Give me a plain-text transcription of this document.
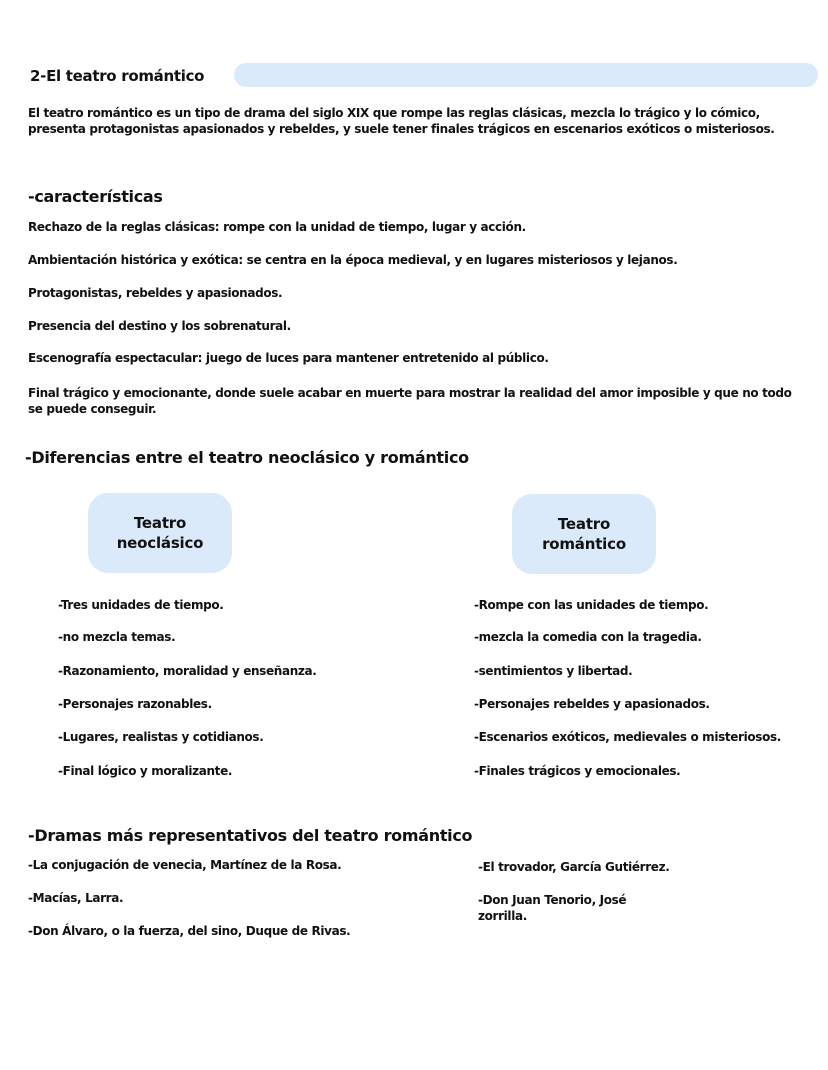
2-El teatro romántico
El teatro romántico es un tipo de drama del siglo XIX que rompe las reglas clásicas, mezcla lo trágico y lo cómico, presenta protagonistas apasionados y rebeldes, y suele tener finales trágicos en escenarios exóticos o misteriosos.
-características
Rechazo de la reglas clásicas: rompe con la unidad de tiempo, lugar y acción.
Ambientación histórica y exótica: se centra en la época medieval, y en lugares misteriosos y lejanos.
Protagonistas, rebeldes y apasionados.
Presencia del destino y los sobrenatural.
Escenografía espectacular: juego de luces para mantener entretenido al público.
Final trágico y emocionante, donde suele acabar en muerte para mostrar la realidad del amor imposible y que no todo se puede conseguir.
-Diferencias entre el teatro neoclásico y romántico
Teatro
neoclásico
Teatro
romántico
-Tres unidades de tiempo.
-no mezcla temas.
-Razonamiento, moralidad y enseñanza.
-Personajes razonables.
-Lugares, realistas y cotidianos.
-Final lógico y moralizante.
-Rompe con las unidades de tiempo.
-mezcla la comedia con la tragedia.
-sentimientos y libertad.
-Personajes rebeldes y apasionados.
-Escenarios exóticos, medievales o misteriosos.
-Finales trágicos y emocionales.
-Dramas más representativos del teatro romántico
-La conjugación de venecia, Martínez de la Rosa.
-Macías, Larra.
-Don Álvaro, o la fuerza, del sino, Duque de Rivas.
-El trovador, García Gutiérrez.
-Don Juan Tenorio, José zorrilla.
